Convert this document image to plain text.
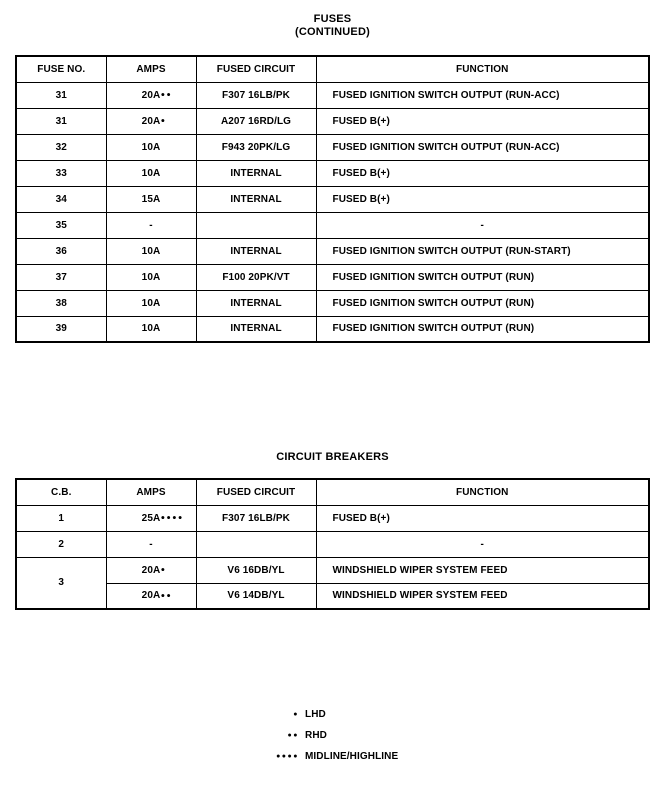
FUSES
(CONTINUED)
FUSE NO.	AMPS	FUSED CIRCUIT	FUNCTION
31	20A ●●	F307 16LB/PK	FUSED IGNITION SWITCH OUTPUT (RUN-ACC)
31	20A ●	A207 16RD/LG	FUSED B(+)
32	10A	F943 20PK/LG	FUSED IGNITION SWITCH OUTPUT (RUN-ACC)
33	10A	INTERNAL	FUSED B(+)
34	15A	INTERNAL	FUSED B(+)
35	-		-
36	10A	INTERNAL	FUSED IGNITION SWITCH OUTPUT (RUN-START)
37	10A	F100 20PK/VT	FUSED IGNITION SWITCH OUTPUT (RUN)
38	10A	INTERNAL	FUSED IGNITION SWITCH OUTPUT (RUN)
39	10A	INTERNAL	FUSED IGNITION SWITCH OUTPUT (RUN)
CIRCUIT BREAKERS
C.B.	AMPS	FUSED CIRCUIT	FUNCTION
1	25A ●●●●	F307 16LB/PK	FUSED B(+)
2	-		-
3	20A ●	V6 16DB/YL	WINDSHIELD WIPER SYSTEM FEED
	20A ●●	V6 14DB/YL	WINDSHIELD WIPER SYSTEM FEED
● LHD
●● RHD
●●●● MIDLINE/HIGHLINE
